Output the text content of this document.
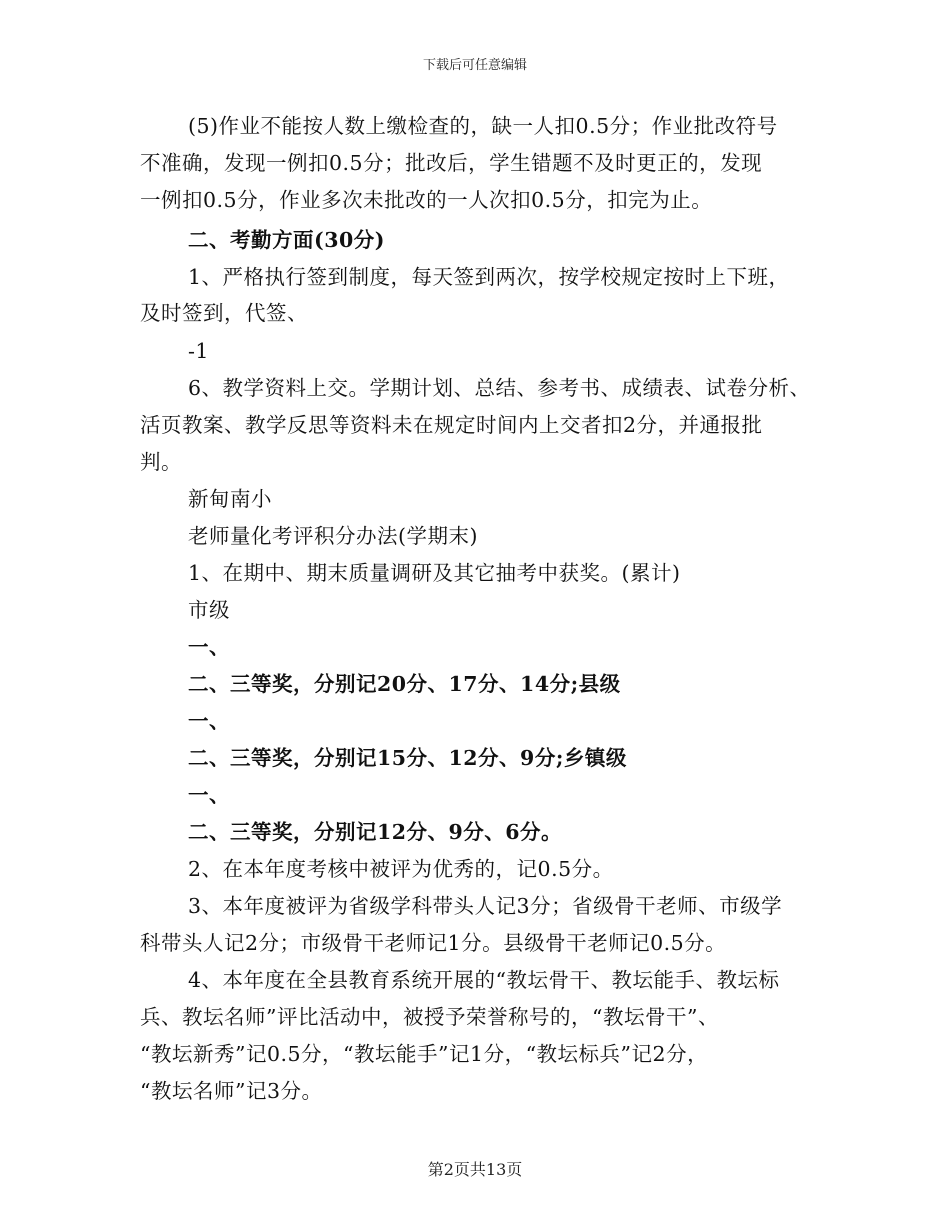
下载后可任意编辑
(5)作业不能按人数上缴检查的，缺一人扣0.5分；作业批改符号
不准确，发现一例扣0.5分；批改后，学生错题不及时更正的，发现
一例扣0.5分，作业多次未批改的一人次扣0.5分，扣完为止。
二、考勤方面(30分)
1、严格执行签到制度，每天签到两次，按学校规定按时上下班，
及时签到，代签、
-1
6、教学资料上交。学期计划、总结、参考书、成绩表、试卷分析、
活页教案、教学反思等资料未在规定时间内上交者扣2分，并通报批
判。
新甸南小
老师量化考评积分办法(学期末)
1、在期中、期末质量调研及其它抽考中获奖。(累计)
市级
一、
二、三等奖，分别记20分、17分、14分;县级
一、
二、三等奖，分别记15分、12分、9分;乡镇级
一、
二、三等奖，分别记12分、9分、6分。
2、在本年度考核中被评为优秀的，记0.5分。
3、本年度被评为省级学科带头人记3分；省级骨干老师、市级学
科带头人记2分；市级骨干老师记1分。县级骨干老师记0.5分。
4、本年度在全县教育系统开展的“教坛骨干、教坛能手、教坛标
兵、教坛名师”评比活动中，被授予荣誉称号的，“教坛骨干”、
“教坛新秀”记0.5分，“教坛能手”记1分，“教坛标兵”记2分，
“教坛名师”记3分。
第2页共13页
